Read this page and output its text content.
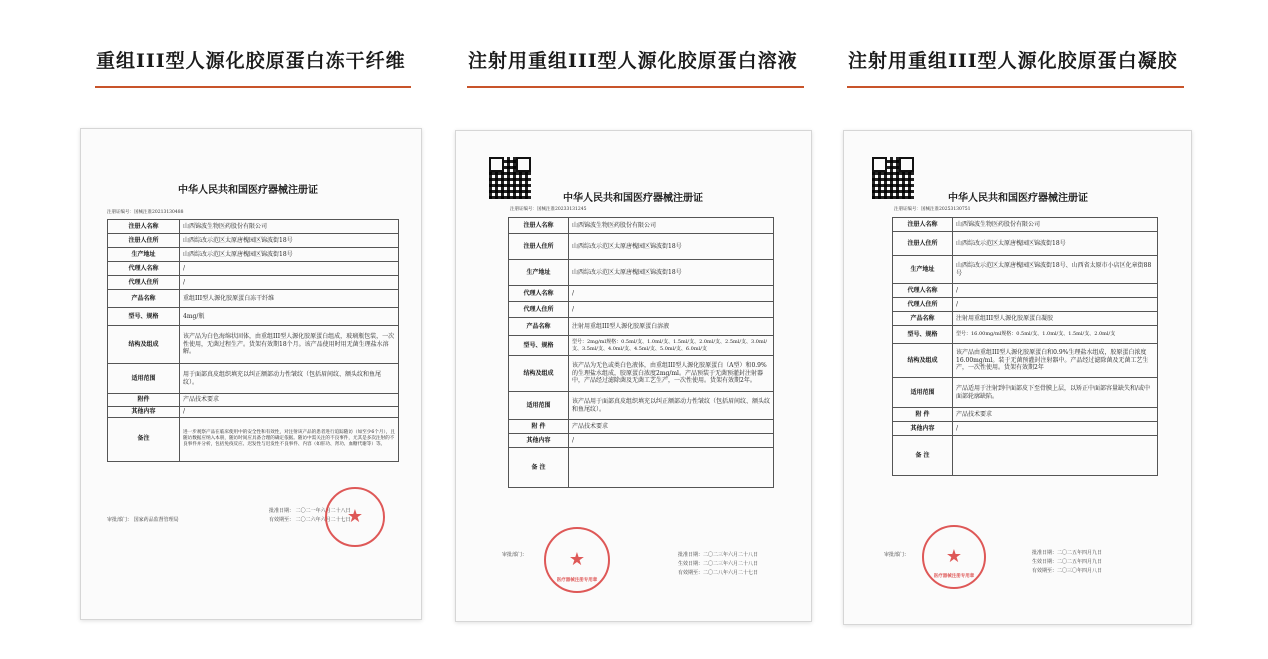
重组III型人源化胶原蛋白冻干纤维	注射用重组III型人源化胶原蛋白溶液	注射用重组III型人源化胶原蛋白凝胶
中华人民共和国医疗器械注册证
注册证编号：国械注准20213130488
注册人名称	山西锦波生物医药股份有限公司
注册人住所	山西综改示范区太原唐槐园区锦波街18号
生产地址	山西综改示范区太原唐槐园区锦波街18号
代理人名称	/
代理人住所	/
产品名称	重组III型人源化胶原蛋白冻干纤维
型号、规格	4mg/瓶
结构及组成	该产品为白色海绵状固体，由重组III型人源化胶原蛋白组成，玻璃瓶包装，一次性使用，无菌过程生产。货架有效期18个月。该产品使用时用无菌生理盐水溶解。
适用范围	用于面部真皮组织填充以纠正额部动力性皱纹（包括眉间纹、额头纹和鱼尾纹）。
附件	产品技术要求
其他内容	/
备注	进一步观察产品在临床使用中的安全性和有效性，对注射该产品的患者进行追踪随访（如至少6个月），且随访数据应纳入本册，随访时间应具备合理的确定依据。随访中需关注的不良事件，尤其是多次注射的不良事件并分析，包括免疫反应、迟发性与迟发性不良事件、内容（如肝功、肾功、血糖代谢等）等。
审批部门： 国家药品监督管理局
批准日期： 二〇二一年六月二十八日
有效期至： 二〇二六年六月二十七日
★
中华人民共和国医疗器械注册证
注册证编号：国械注准20233131245
注册人名称	山西锦波生物医药股份有限公司
注册人住所	山西综改示范区太原唐槐园区锦波街18号
生产地址	山西综改示范区太原唐槐园区锦波街18号
代理人名称	/
代理人住所	/
产品名称	注射用重组III型人源化胶原蛋白溶液
型号、规格	型号：2mg/ml规格：0.5ml/支、1.0ml/支、1.5ml/支、2.0ml/支、2.5ml/支、3.0ml/支、3.5ml/支、4.0ml/支、4.5ml/支、5.0ml/支、6.0ml/支
结构及组成	该产品为无色或类白色液体，由重组III型人源化胶原蛋白（A型）和0.9%的生理盐水组成，胶原蛋白浓度2mg/ml。产品预装于无菌预灌封注射器中，产品经过滤除菌及无菌工艺生产，一次性使用。货架有效期2年。
适用范围	该产品用于面部真皮组织填充以纠正额部动力性皱纹（包括眉间纹、额头纹和鱼尾纹）。
附 件	产品技术要求
其他内容	/
备 注	
审批部门：	批准日期：二〇二三年六月二十八日
生效日期：二〇二三年六月二十八日
有效期至：二〇二八年六月二十七日
★
医疗器械注册专用章
中华人民共和国医疗器械注册证
注册证编号：国械注准20253130751
注册人名称	山西锦波生物医药股份有限公司
注册人住所	山西综改示范区太原唐槐园区锦波街18号
生产地址	山西综改示范区太原唐槐园区锦波街18号、山西省太原市小店区化章街88号
代理人名称	/
代理人住所	/
产品名称	注射用重组III型人源化胶原蛋白凝胶
型号、规格	型号：16.00mg/ml规格：0.5ml/支、1.0ml/支、1.5ml/支、2.0ml/支
结构及组成	该产品由重组III型人源化胶原蛋白和0.9%生理盐水组成，胶原蛋白浓度16.00mg/ml。装于无菌预灌封注射器中。产品经过滤除菌及无菌工艺生产，一次性使用。货架有效期2年
适用范围	产品适用于注射到中面部皮下至骨膜上层，以矫正中面部容量缺失和/或中面部轮廓缺陷。
附 件	产品技术要求
其他内容	/
备 注	
审批部门：	批准日期：二〇二五年四月九日
生效日期：二〇二五年四月九日
有效期至：二〇三〇年四月八日
★
医疗器械注册专用章
